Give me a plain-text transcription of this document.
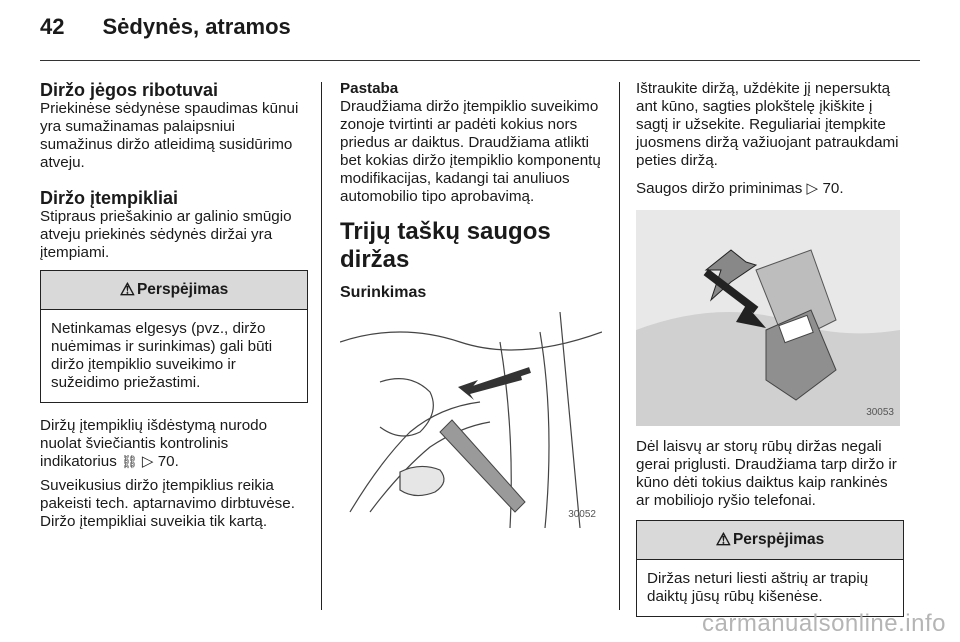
42 Sėdynės, atramos
Diržo jėgos ribotuvai

Priekinėse sėdynėse spaudimas kūnui yra sumažinamas palaipsniui sumažinus diržo atleidimą susidūrimo atveju.

Diržo įtempikliai

Stipraus priešakinio ar galinio smūgio atveju priekinės sėdynės diržai yra įtempiami.

⚠ Perspėjimas
Netinkamas elgesys (pvz., diržo nuėmimas ir surinkimas) gali būti diržo įtempiklio suveikimo ir sužeidimo priežastimi.

Diržų įtempiklių išdėstymą nurodo nuolat šviečiantis kontrolinis indikatorius ⛓ ▷ 70.

Suveikusius diržo įtempiklius reikia pakeisti tech. aptarnavimo dirbtuvėse. Diržo įtempikliai suveikia tik kartą.

Pastaba

Draudžiama diržo įtempiklio suveikimo zonoje tvirtinti ar padėti kokius nors priedus ar daiktus. Draudžiama atlikti bet kokias diržo įtempiklio komponentų modifikacijas, kadangi tai anuliuos automobilio tipo aprobavimą.

Trijų taškų saugos diržas
Surinkimas
30052

Ištraukite diržą, uždėkite jį nepersuktą ant kūno, sagties plokštelę įkiškite į sagtį ir užsekite. Reguliariai įtempkite juosmens diržą važiuojant patraukdami peties diržą.

Saugos diržo priminimas ▷ 70.

30053

Dėl laisvų ar storų rūbų diržas negali gerai priglusti. Draudžiama tarp diržo ir kūno dėti tokius daiktus kaip rankinės ar mobiliojo ryšio telefonai.

⚠ Perspėjimas
Diržas neturi liesti aštrių ar trapių daiktų jūsų rūbų kišenėse.
carmanualsonline.info
